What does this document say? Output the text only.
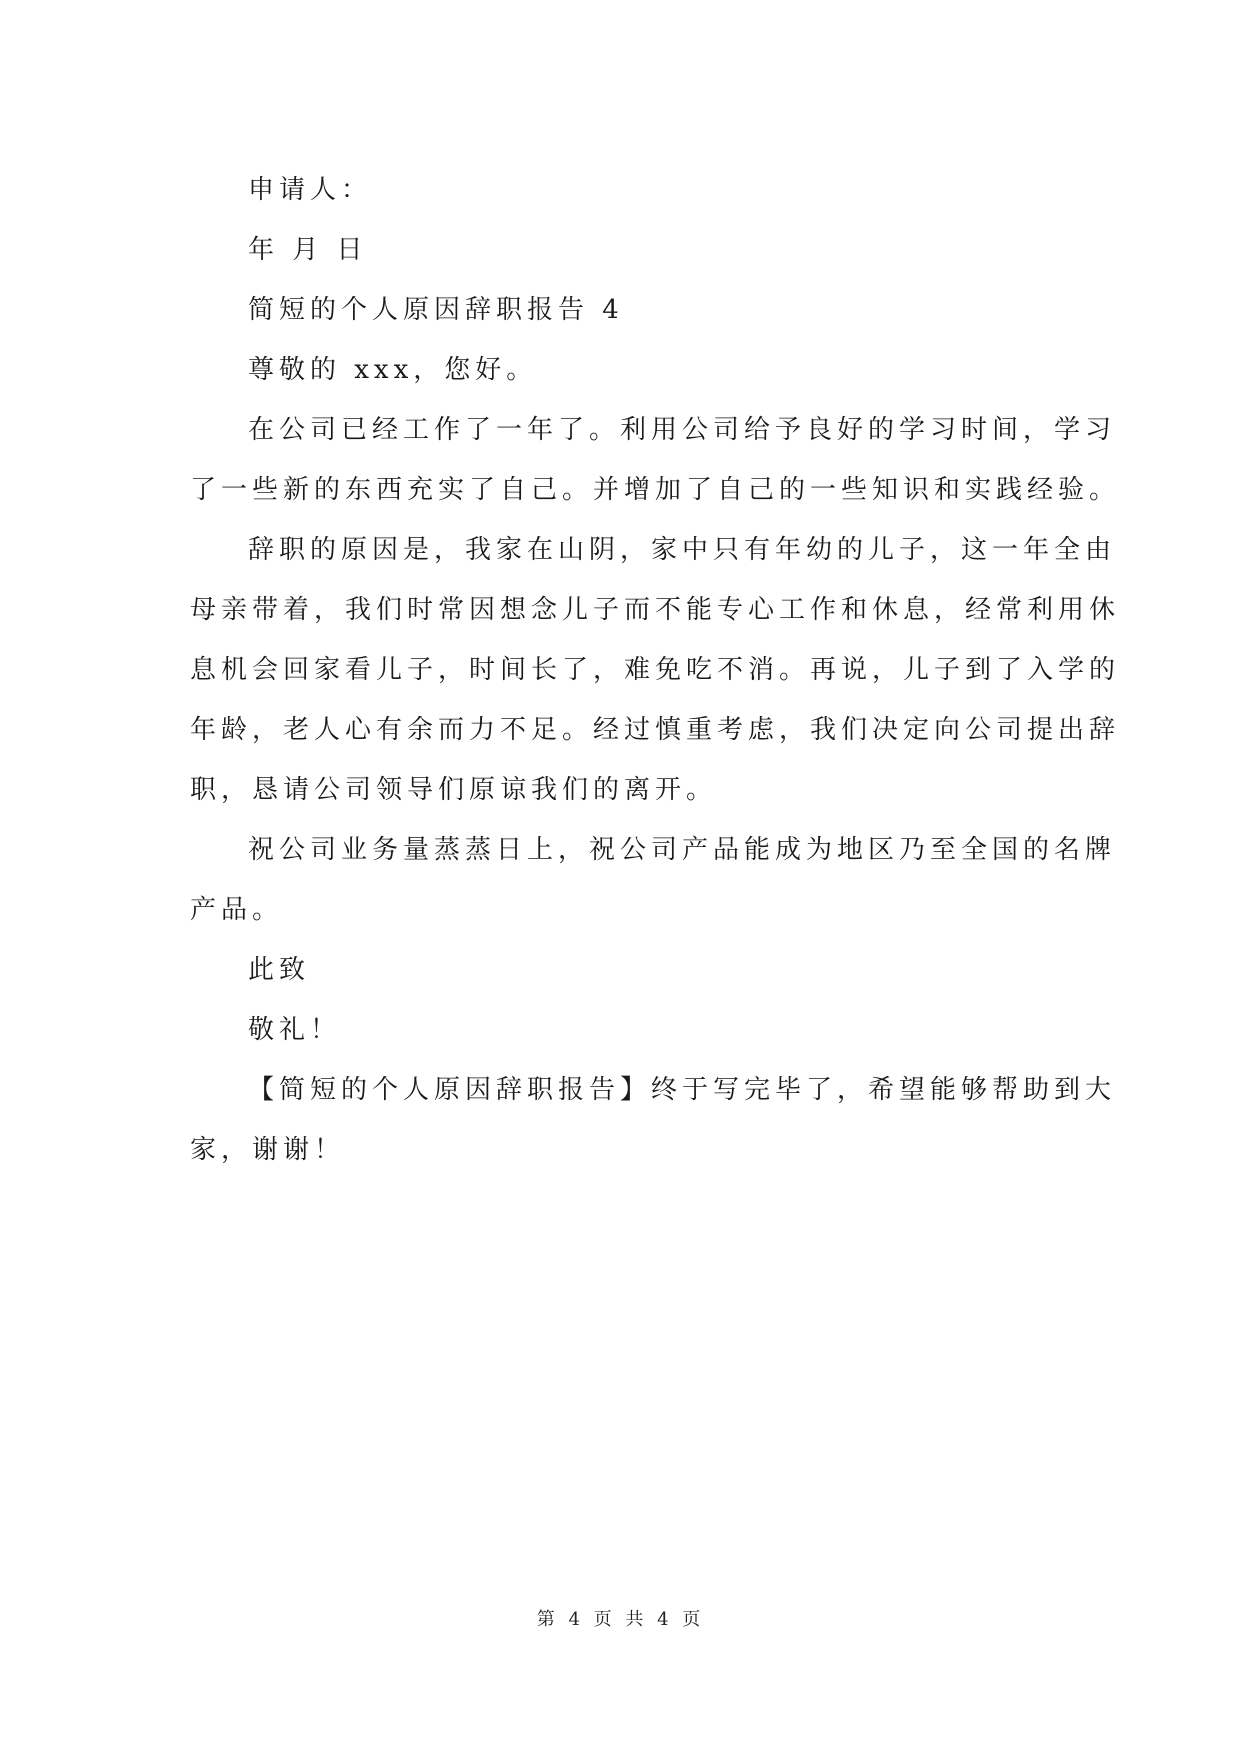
申请人：
年 月 日
简短的个人原因辞职报告 4
尊敬的 xxx，您好。
在公司已经工作了一年了。利用公司给予良好的学习时间，学习
了一些新的东西充实了自己。并增加了自己的一些知识和实践经验。
辞职的原因是，我家在山阴，家中只有年幼的儿子，这一年全由
母亲带着，我们时常因想念儿子而不能专心工作和休息，经常利用休
息机会回家看儿子，时间长了，难免吃不消。再说，儿子到了入学的
年龄，老人心有余而力不足。经过慎重考虑，我们决定向公司提出辞
职，恳请公司领导们原谅我们的离开。
祝公司业务量蒸蒸日上，祝公司产品能成为地区乃至全国的名牌
产品。
此致
敬礼！
【简短的个人原因辞职报告】终于写完毕了，希望能够帮助到大
家，谢谢！
第 4 页 共 4 页
